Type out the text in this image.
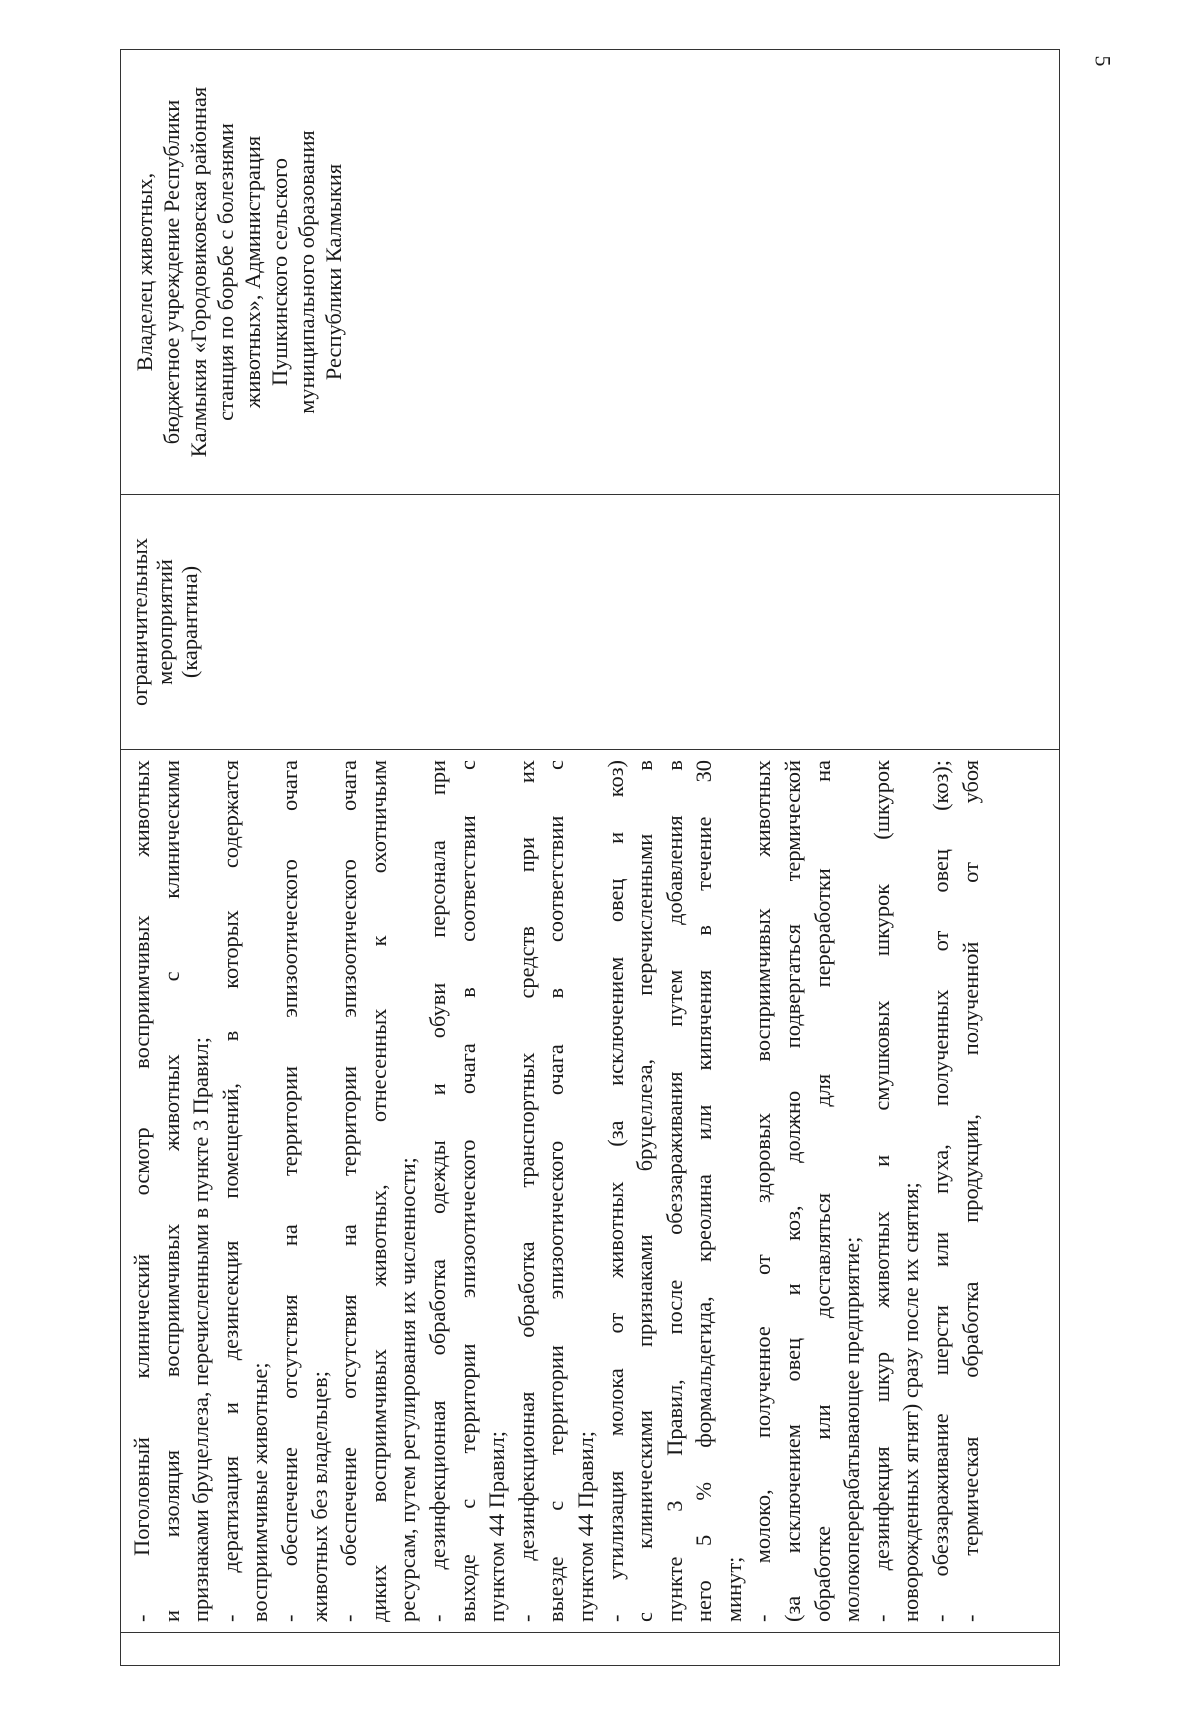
5

- Поголовный клинический осмотр восприимчивых животных и изоляция восприимчивых животных с клиническими признаками бруцеллеза, перечисленными в пункте 3 Правил; - дератизация и дезинсекция помещений, в которых содержатся восприимчивые животные; - обеспечение отсутствия на территории эпизоотического очага животных без владельцев; - обеспечение отсутствия на территории эпизоотического очага диких восприимчивых животных, отнесенных к охотничьим ресурсам, путем регулирования их численности; - дезинфекционная обработка одежды и обуви персонала при выходе с территории эпизоотического очага в соответствии с пунктом 44 Правил; - дезинфекционная обработка транспортных средств при их выезде с территории эпизоотического очага в соответствии с пунктом 44 Правил; - утилизация молока от животных (за исключением овец и коз) с клиническими признаками бруцеллеза, перечисленными в пункте 3 Правил, после обеззараживания путем добавления в него 5 % формальдегида, креолина или кипячения в течение 30 минут; - молоко, полученное от здоровых восприимчивых животных (за исключением овец и коз, должно подвергаться термической обработке или доставляться для переработки на молокоперерабатывающее предприятие; - дезинфекция шкур животных и смушковых шкурок (шкурок новорожденных ягнят) сразу после их снятия; - обеззараживание шерсти или пуха, полученных от овец (коз); - термическая обработка продукции, полученной от убоя

ограничительных мероприятий (карантина)

Владелец животных, бюджетное учреждение Республики Калмыкия «Городовиковская районная станция по борьбе с болезнями животных», Администрация Пушкинского сельского муниципального образования Республики Калмыкия
